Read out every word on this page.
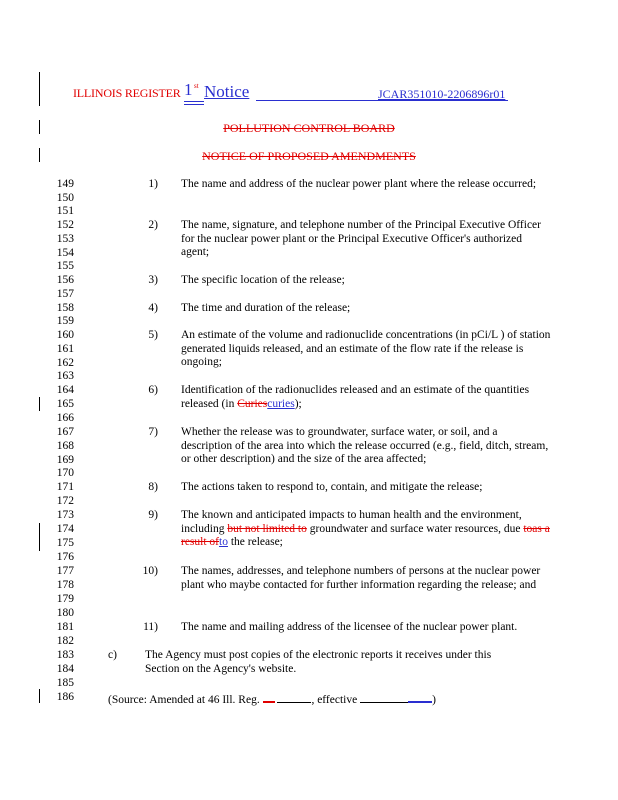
ILLINOIS REGISTER 1 st Notice	JCAR351010-2206896r01
POLLUTION CONTROL BOARD
NOTICE OF PROPOSED AMENDMENTS
149
150
151
152
153
154
155
156
157
158
159
160
161
162
163
164
165
166
167
168
169
170
171
172
173
174
175
176
177
178
179
180
181
182
183
184
185
186
1) The name and address of the nuclear power plant where the release occurred;
2) The name, signature, and telephone number of the Principal Executive Officer for the nuclear power plant or the Principal Executive Officer's authorized agent;
3) The specific location of the release;
4) The time and duration of the release;
5) An estimate of the volume and radionuclide concentrations (in pCi/L ) of station generated liquids released, and an estimate of the flow rate if the release is ongoing;
6) Identification of the radionuclides released and an estimate of the quantities released (in Curiescuries);
7) Whether the release was to groundwater, surface water, or soil, and a description of the area into which the release occurred (e.g., field, ditch, stream, or other description) and the size of the area affected;
8) The actions taken to respond to, contain, and mitigate the release;
9) The known and anticipated impacts to human health and the environment, including but not limited to groundwater and surface water resources, due toas a result ofto the release;
10) The names, addresses, and telephone numbers of persons at the nuclear power plant who maybe contacted for further information regarding the release; and
11) The name and mailing address of the licensee of the nuclear power plant.
c) The Agency must post copies of the electronic reports it receives under this Section on the Agency's website.
(Source: Amended at 46 Ill. Reg.	, effective	)
